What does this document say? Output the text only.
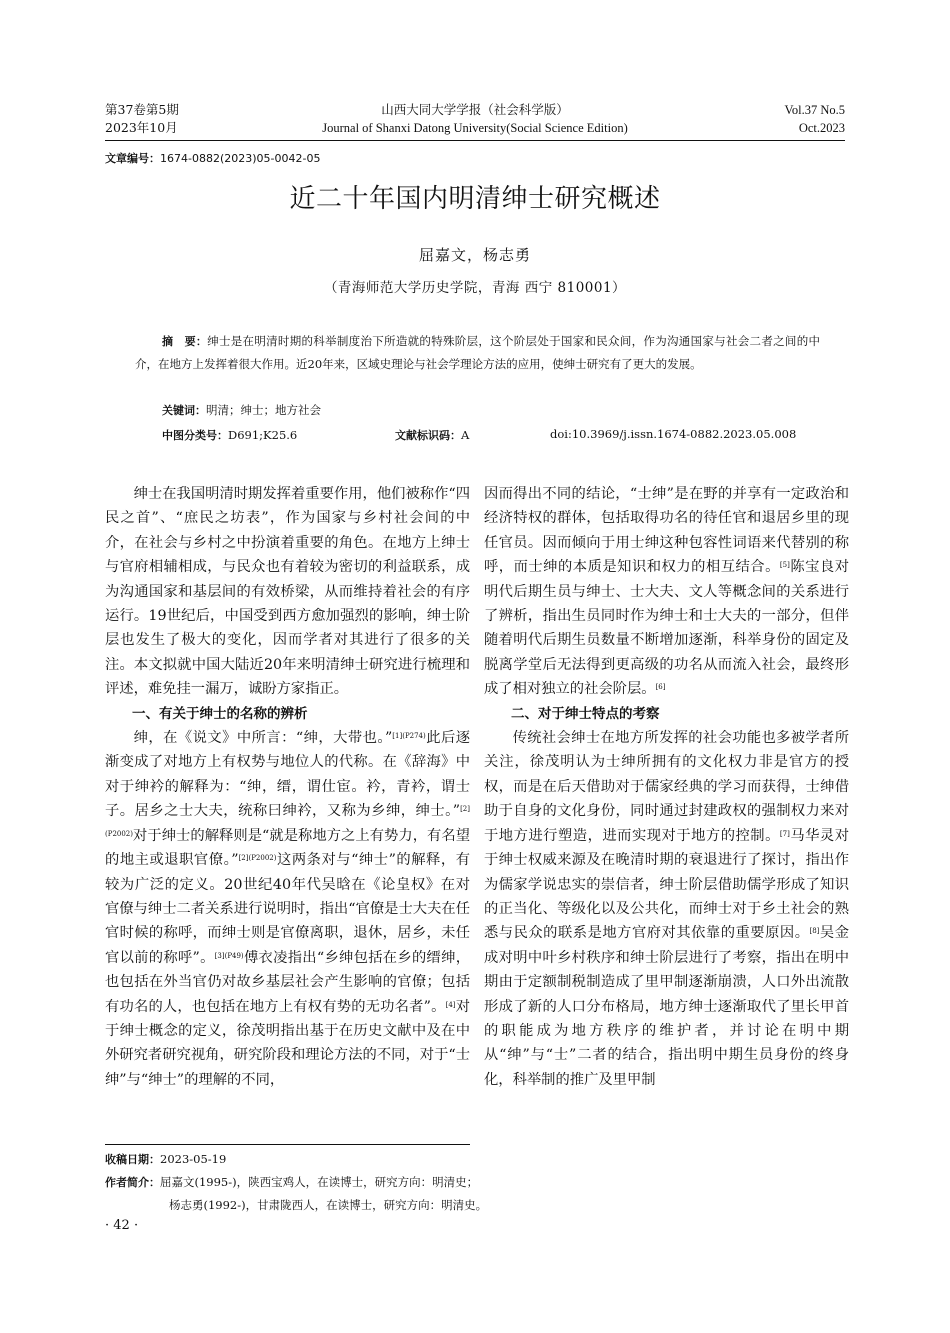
第37卷第5期
2023年10月
山西大同大学学报（社会科学版）
Journal of Shanxi Datong University(Social Science Edition)
Vol.37 No.5
Oct.2023
文章编号：1674-0882(2023)05-0042-05
近二十年国内明清绅士研究概述
屈嘉文，杨志勇
（青海师范大学历史学院，青海 西宁 810001）
摘　要：绅士是在明清时期的科举制度治下所造就的特殊阶层，这个阶层处于国家和民众间，作为沟通国家与社会二者之间的中介，在地方上发挥着很大作用。近20年来，区域史理论与社会学理论方法的应用，使绅士研究有了更大的发展。
关键词：明清；绅士；地方社会
中图分类号：D691;K25.6	文献标识码：A	doi:10.3969/j.issn.1674-0882.2023.05.008

绅士在我国明清时期发挥着重要作用，他们被称作“四民之首”、“庶民之坊表”，作为国家与乡村社会间的中介，在社会与乡村之中扮演着重要的角色。在地方上绅士与官府相辅相成，与民众也有着较为密切的利益联系，成为沟通国家和基层间的有效桥梁，从而维持着社会的有序运行。19世纪后，中国受到西方愈加强烈的影响，绅士阶层也发生了极大的变化，因而学者对其进行了很多的关注。本文拟就中国大陆近20年来明清绅士研究进行梳理和评述，难免挂一漏万，诚盼方家指正。

一、有关于绅士的名称的辨析

绅，在《说文》中所言：“绅，大带也。”$^{[1](P274)}$此后逐渐变成了对地方上有权势与地位人的代称。在《辞海》中对于绅衿的解释为：“绅，缙，谓仕宦。衿，青衿，谓士子。居乡之士大夫，统称曰绅衿，又称为乡绅，绅士。”$^{[2](P2002)}$对于绅士的解释则是“就是称地方之上有势力，有名望的地主或退职官僚。”$^{[2](P2002)}$这两条对与“绅士”的解释，有较为广泛的定义。20世纪40年代吴晗在《论皇权》在对官僚与绅士二者关系进行说明时，指出“官僚是士大夫在任官时候的称呼，而绅士则是官僚离职，退休，居乡，未任官以前的称呼”。$^{[3](P49)}$傅衣凌指出“乡绅包括在乡的缙绅，也包括在外当官仍对故乡基层社会产生影响的官僚；包括有功名的人，也包括在地方上有权有势的无功名者”。[4]对于绅士概念的定义，徐茂明指出基于在历史文献中及在中外研究者研究视角，研究阶段和理论方法的不同，对于“士绅”与“绅士”的理解的不同，

因而得出不同的结论，“士绅”是在野的并享有一定政治和经济特权的群体，包括取得功名的待任官和退居乡里的现任官员。因而倾向于用士绅这种包容性词语来代替别的称呼，而士绅的本质是知识和权力的相互结合。[5]陈宝良对明代后期生员与绅士、士大夫、文人等概念间的关系进行了辨析，指出生员同时作为绅士和士大夫的一部分，但伴随着明代后期生员数量不断增加逐渐，科举身份的固定及脱离学堂后无法得到更高级的功名从而流入社会，最终形成了相对独立的社会阶层。[6]

二、对于绅士特点的考察

传统社会绅士在地方所发挥的社会功能也多被学者所关注，徐茂明认为士绅所拥有的文化权力非是官方的授权，而是在后天借助对于儒家经典的学习而获得，士绅借助于自身的文化身份，同时通过封建政权的强制权力来对于地方进行塑造，进而实现对于地方的控制。[7]马华灵对于绅士权威来源及在晚清时期的衰退进行了探讨，指出作为儒家学说忠实的崇信者，绅士阶层借助儒学形成了知识的正当化、等级化以及公共化，而绅士对于乡土社会的熟悉与民众的联系是地方官府对其依靠的重要原因。[8]吴金成对明中叶乡村秩序和绅士阶层进行了考察，指出在明中期由于定额制税制造成了里甲制逐渐崩溃，人口外出流散形成了新的人口分布格局，地方绅士逐渐取代了里长甲首的职能成为地方秩序的维护者，并讨论在明中期从“绅”与“士”二者的结合，指出明中期生员身份的终身化，科举制的推广及里甲制

收稿日期：2023-05-19
作者简介：屈嘉文(1995-)，陕西宝鸡人，在读博士，研究方向：明清史；
杨志勇(1992-)，甘肃陇西人，在读博士，研究方向：明清史。
· 42 ·
